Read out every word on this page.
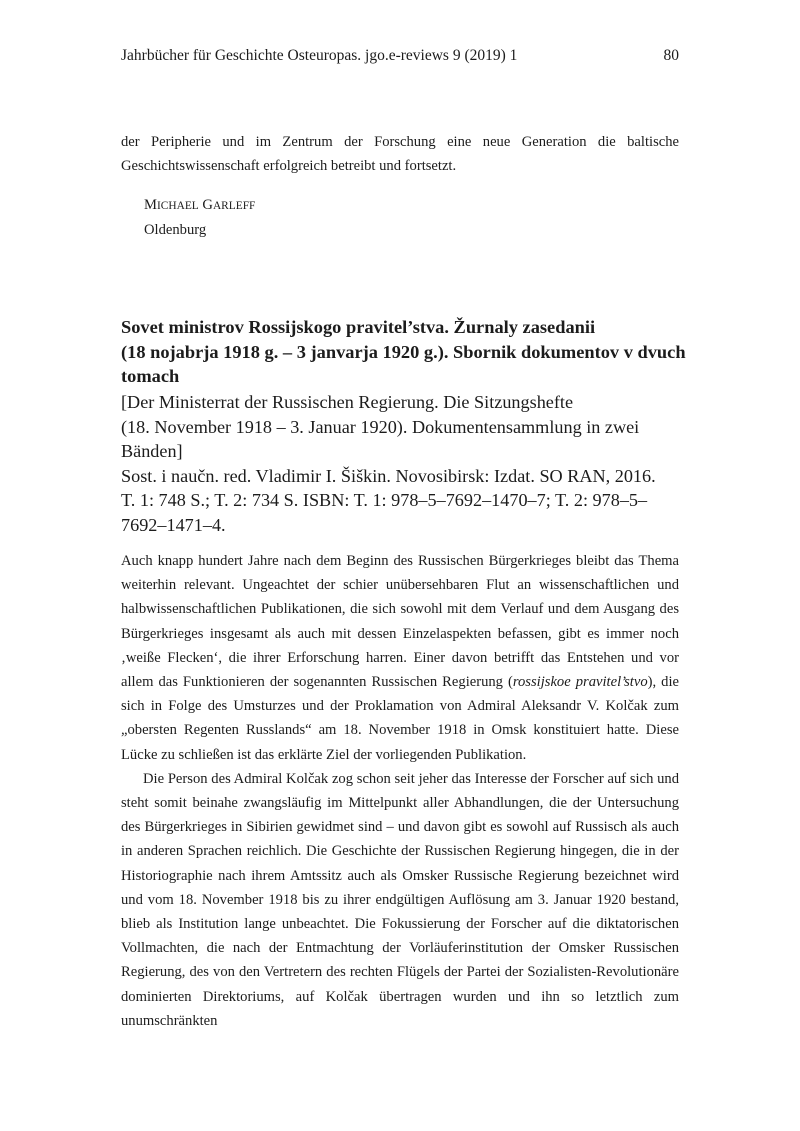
Jahrbücher für Geschichte Osteuropas. jgo.e-reviews 9 (2019) 1	80

der Peripherie und im Zentrum der Forschung eine neue Generation die baltische Geschichtswissenschaft erfolgreich betreibt und fortsetzt.

MICHAEL GARLEFF
Oldenburg
Sovet ministrov Rossijskogo pravitel’stva. Žurnaly zasedanii
(18 nojabrja 1918 g. – 3 janvarja 1920 g.). Sbornik dokumentov v dvuch
tomach
[Der Ministerrat der Russischen Regierung. Die Sitzungshefte
(18. November 1918 – 3. Januar 1920). Dokumentensammlung in zwei
Bänden]
Sost. i naučn. red. Vladimir I. Šiškin. Novosibirsk: Izdat. SO RAN, 2016.
T. 1: 748 S.; T. 2: 734 S. ISBN: T. 1: 978–5–7692–1470–7; T. 2: 978–5–
7692–1471–4.

Auch knapp hundert Jahre nach dem Beginn des Russischen Bürgerkrieges bleibt das Thema weiterhin relevant. Ungeachtet der schier unübersehbaren Flut an wissenschaftlichen und halbwissenschaftlichen Publikationen, die sich sowohl mit dem Verlauf und dem Ausgang des Bürgerkrieges insgesamt als auch mit dessen Einzelaspekten befassen, gibt es immer noch ‚weiße Flecken‘, die ihrer Erforschung harren. Einer davon betrifft das Entstehen und vor allem das Funktionieren der sogenannten Russischen Regierung (rossijskoe pravitel’stvo), die sich in Folge des Umsturzes und der Proklamation von Admiral Aleksandr V. Kolčak zum „obersten Regenten Russlands“ am 18. November 1918 in Omsk konstituiert hatte. Diese Lücke zu schließen ist das erklärte Ziel der vorliegenden Publikation.

Die Person des Admiral Kolčak zog schon seit jeher das Interesse der Forscher auf sich und steht somit beinahe zwangsläufig im Mittelpunkt aller Abhandlungen, die der Untersuchung des Bürgerkrieges in Sibirien gewidmet sind – und davon gibt es sowohl auf Russisch als auch in anderen Sprachen reichlich. Die Geschichte der Russischen Regierung hingegen, die in der Historiographie nach ihrem Amtssitz auch als Omsker Russische Regierung bezeichnet wird und vom 18. November 1918 bis zu ihrer endgültigen Auflösung am 3. Januar 1920 bestand, blieb als Institution lange unbeachtet. Die Fokussierung der Forscher auf die diktatorischen Vollmachten, die nach der Entmachtung der Vorläuferinstitution der Omsker Russischen Regierung, des von den Vertretern des rechten Flügels der Partei der Sozialisten-Revolutionäre dominierten Direktoriums, auf Kolčak übertragen wurden und ihn so letztlich zum unumschränkten
